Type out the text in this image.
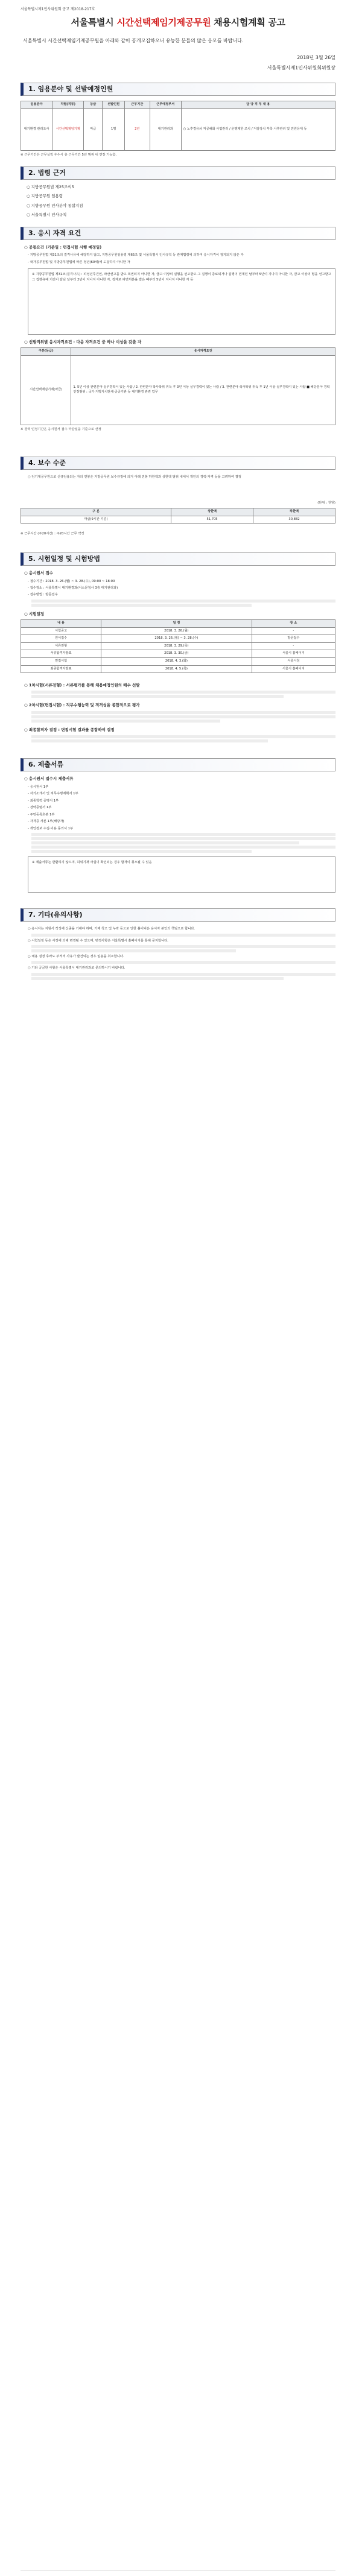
서울특별시제1인사위원회 공고 제2018-217호
서울특별시 시간선택제임기제공무원 채용시험계획 공고
서울특별시 시간선택제임기제공무원을 아래와 같이 공개모집하오니 유능한 분들의 많은 응모를 바랍니다.
2018년 3월 26일
서울특별시제1인사위원회위원장
1. 임용분야 및 선발예정인원
임용분야	직렬(직류)	등급	선발인원	근무기간	근무예정부서	담 당 직 무 내 용
대기환경 관리조사	시간선택제임기제	마급	1명	2년	대기관리과	○ 노후경유차 저공해화 사업관리 / 운행제한 조치 / 저감장치 부착 사후관리 및 민원응대 등
※ 근무기간은 근무실적 우수시 총 근무기간 5년 범위 내 연장 가능함.
2. 법령 근거
○ 지방공무원법 제25조의5
○ 지방공무원 임용령
○ 지방공무원 인사분야 통합지침
○ 서울특별시 인사규칙
3. 응시 자격 요건
○ 공통요건 (기준일 : 면접시험 시행 예정일)
- 지방공무원법 제31조의 결격사유에 해당하지 않고, 지방공무원임용령 제65조 및 서울특별시 인사규칙 등 관계법령에 의하여 응시자격이 정지되지 않은 자
- 국가공무원법 및 지방공무원법에 따른 정년(60세)에 도달하지 아니한 자
※ 지방공무원법 제31조(결격사유) : 피성년후견인, 파산선고를 받고 복권되지 아니한 자, 금고 이상의 실형을 선고받고 그 집행이 종료되거나 집행이 면제된 날부터 5년이 지나지 아니한 자, 금고 이상의 형을 선고받고 그 집행유예 기간이 끝난 날부터 2년이 지나지 아니한 자, 징계로 파면처분을 받은 때부터 5년이 지나지 아니한 자 등
○ 선발직위별 응시자격요건 : 다음 자격요건 중 하나 이상을 갖춘 자
구분(등급)	응시자격요건
시간선택제임기제(마급)	1. 5년 이상 관련분야 실무경력이 있는 사람 / 2. 관련분야 학사학위 취득 후 3년 이상 실무경력이 있는 사람 / 3. 관련분야 석사학위 취득 후 1년 이상 실무경력이 있는 사람 ■ 해당분야 경력 인정범위 : 국가·지방자치단체·공공기관 등 대기환경 관련 업무
※ 경력 인정기간은 응시원서 접수 마감일을 기준으로 산정
4. 보수 수준
○ 임기제공무원으로 신규임용되는 자의 연봉은 지방공무원 보수규정에 의거 아래 연봉 하한액과 상한액 범위 내에서 개인의 경력·자격 등을 고려하여 결정
(단위 : 천원)
구 분	상한액	하한액
마급(9시간 기준)	51,705	30,882
※ 근무시간 (주20시간) : 주20시간 근무 약정
5. 시험일정 및 시험방법
○ 응시원서 접수
- 접수기간 : 2018. 3. 26.(월) ~ 3. 28.(수), 09:00 ~ 18:00
- 접수장소 : 서울특별시 대기환경과(서소문청사 3층 대기관리과)
- 접수방법 : 방문접수
○ 시험일정
내 용	일 정	장 소
시험공고	2018. 3. 26.(월)	-
원서접수	2018. 3. 26.(월) ~ 3. 28.(수)	방문접수
서류전형	2018. 3. 29.(목)	-
서류합격자발표	2018. 3. 30.(금)	서울시 홈페이지
면접시험	2018. 4. 3.(화)	서울시청
최종합격자발표	2018. 4. 5.(목)	서울시 홈페이지
○ 1차시험(서류전형) : 서류평가를 통해 채용예정인원의 배수 선발
○ 2차시험(면접시험) : 직무수행능력 및 적격성을 종합적으로 평가
○ 최종합격자 결정 : 면접시험 결과를 종합하여 결정
6. 제출서류
○ 응시원서 접수시 제출서류
- 응시원서 1부
- 자기소개서 및 직무수행계획서 1부
- 최종학력 증명서 1부
- 경력증명서 1부
- 주민등록초본 1부
- 자격증 사본 1부(해당자)
- 개인정보 수집·이용 동의서 1부
※ 제출서류는 반환하지 않으며, 허위기재 사실이 확인되는 경우 합격이 취소될 수 있음
7. 기타(유의사항)
○ 응시자는 지원서 작성에 신중을 기해야 하며, 기재 착오 및 누락 등으로 인한 불이익은 응시자 본인의 책임으로 합니다.
○ 시험일정 등은 사정에 의해 변경될 수 있으며, 변경사항은 서울특별시 홈페이지를 통해 공지합니다.
○ 채용 결정 후라도 부적격 사유가 발견되는 경우 임용을 취소합니다.
○ 기타 궁금한 사항은 서울특별시 대기관리과로 문의하시기 바랍니다.
